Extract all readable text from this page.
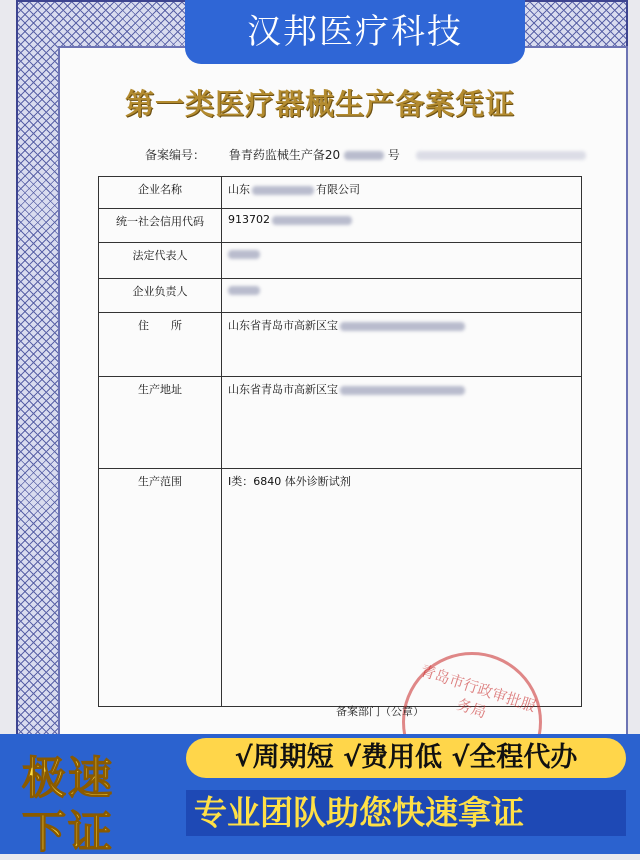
汉邦医疗科技
第一类医疗器械生产备案凭证
备案编号： 鲁青药监械生产备20	号
企业名称	山东 有限公司
统一社会信用代码	913702
法定代表人	
企业负责人	
住　　所	山东省青岛市高新区宝
生产地址	山东省青岛市高新区宝
生产范围	Ⅰ类：6840 体外诊断试剂
青岛市行政审批服务局
备案部门（公章）
极速
下证
√周期短 √费用低 √全程代办
专业团队助您快速拿证
